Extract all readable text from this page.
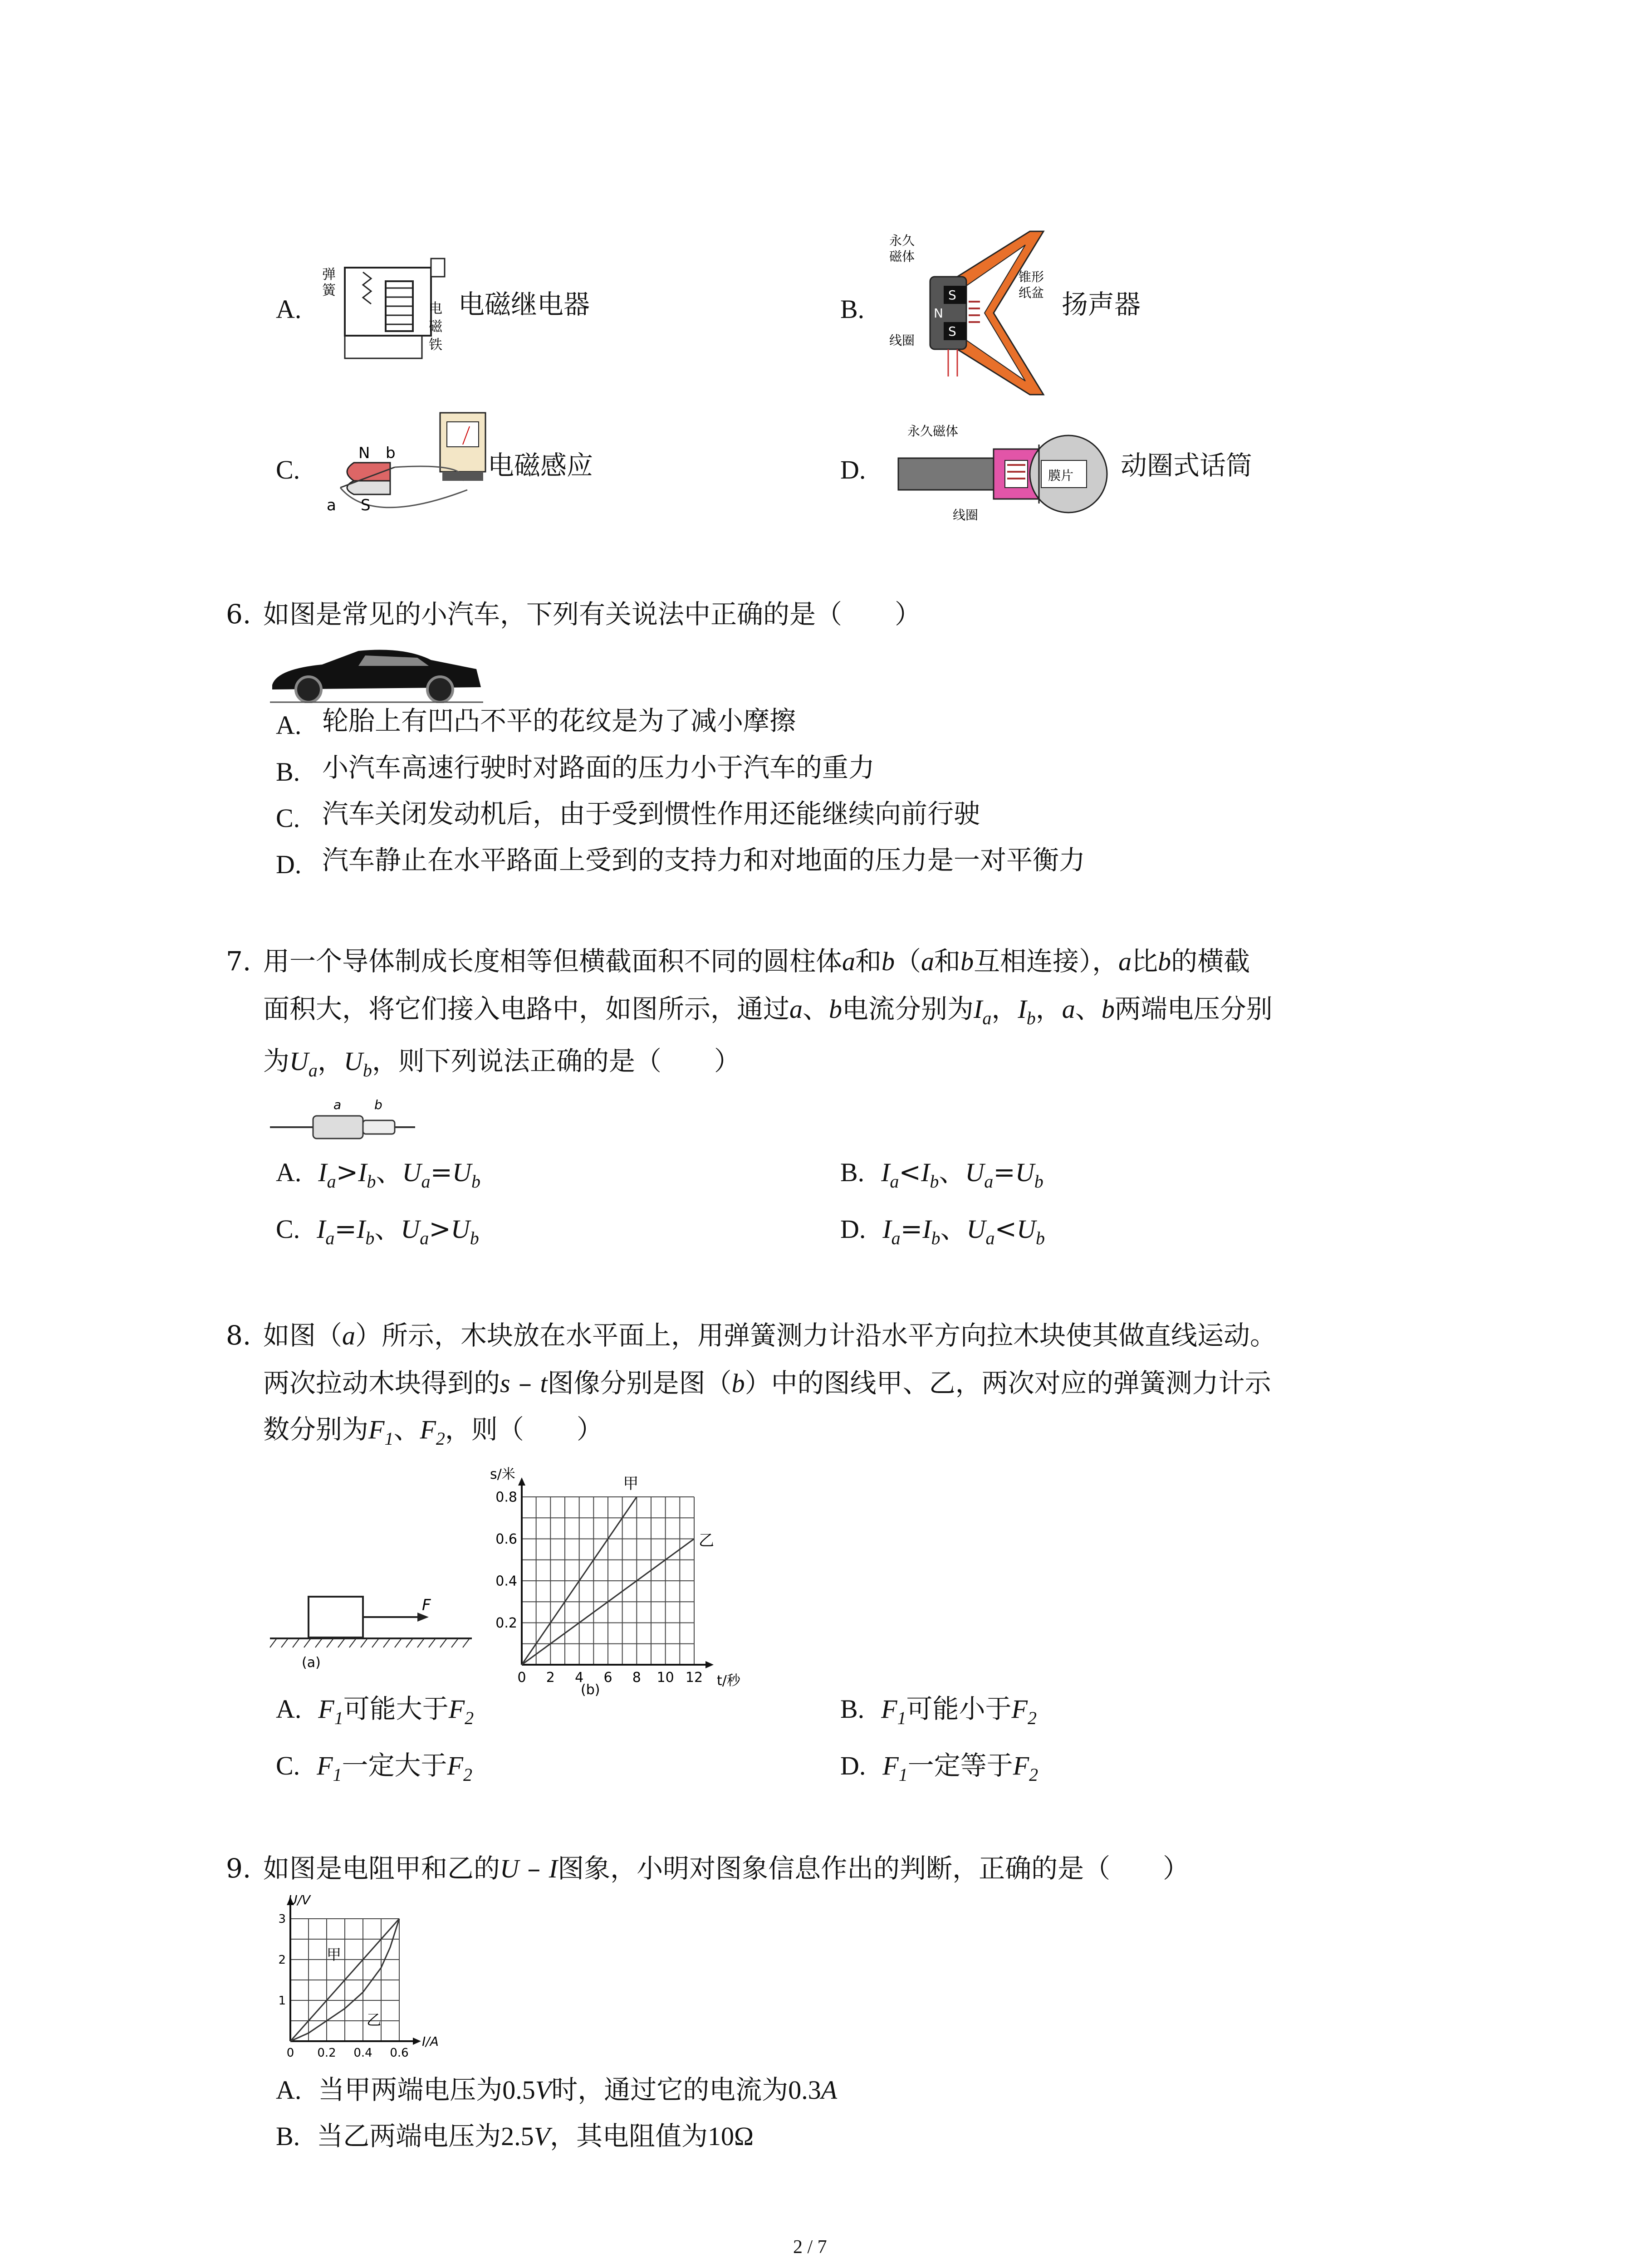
A.
弹
簧
电
磁
铁
电磁继电器	B.
永久
磁体
锥形
纸盆
线圈
S
N
S
扬声器
C.
N b
a S
电磁感应	D.
永久磁体
膜片
线圈
动圈式话筒
6. 如图是常见的小汽车，下列有关说法中正确的是（　　）
A. 轮胎上有凹凸不平的花纹是为了减小摩擦
B. 小汽车高速行驶时对路面的压力小于汽车的重力
C. 汽车关闭发动机后，由于受到惯性作用还能继续向前行驶
D. 汽车静止在水平路面上受到的支持力和对地面的压力是一对平衡力
7. 用一个导体制成长度相等但横截面积不同的圆柱体a和b（a和b互相连接），a比b的横截
面积大，将它们接入电路中，如图所示，通过a、b电流分别为$I_a$，$I_b$，a、b两端电压分别
为$U_a$，$U_b$，则下列说法正确的是（　　）
a	b
A. $I_a>I_b$、$U_a=U_b$	B. $I_a<I_b$、$U_a=U_b$
C. $I_a=I_b$、$U_a>U_b$	D. $I_a=I_b$、$U_a<U_b$
8. 如图（a）所示，木块放在水平面上，用弹簧测力计沿水平方向拉木块使其做直线运动。
两次拉动木块得到的s – t图像分别是图（b）中的图线甲、乙，两次对应的弹簧测力计示
数分别为$F_1$、$F_2$，则（　　）
F
(a)
0 2 4 6 8 10 12
0.2
0.4
0.6
0.8
s/米
t/秒
(b)
甲
乙
A. $F_1$可能大于$F_2$	B. $F_1$可能小于$F_2$
C. $F_1$一定大于$F_2$	D. $F_1$一定等于$F_2$
9. 如图是电阻甲和乙的U – I图象，小明对图象信息作出的判断，正确的是（　　）
0 0.2 0.4 0.6
1
2
3
U/V
I/A
甲
乙
A. 当甲两端电压为0.5V时，通过它的电流为0.3A
B. 当乙两端电压为2.5V，其电阻值为10Ω
2 / 7
